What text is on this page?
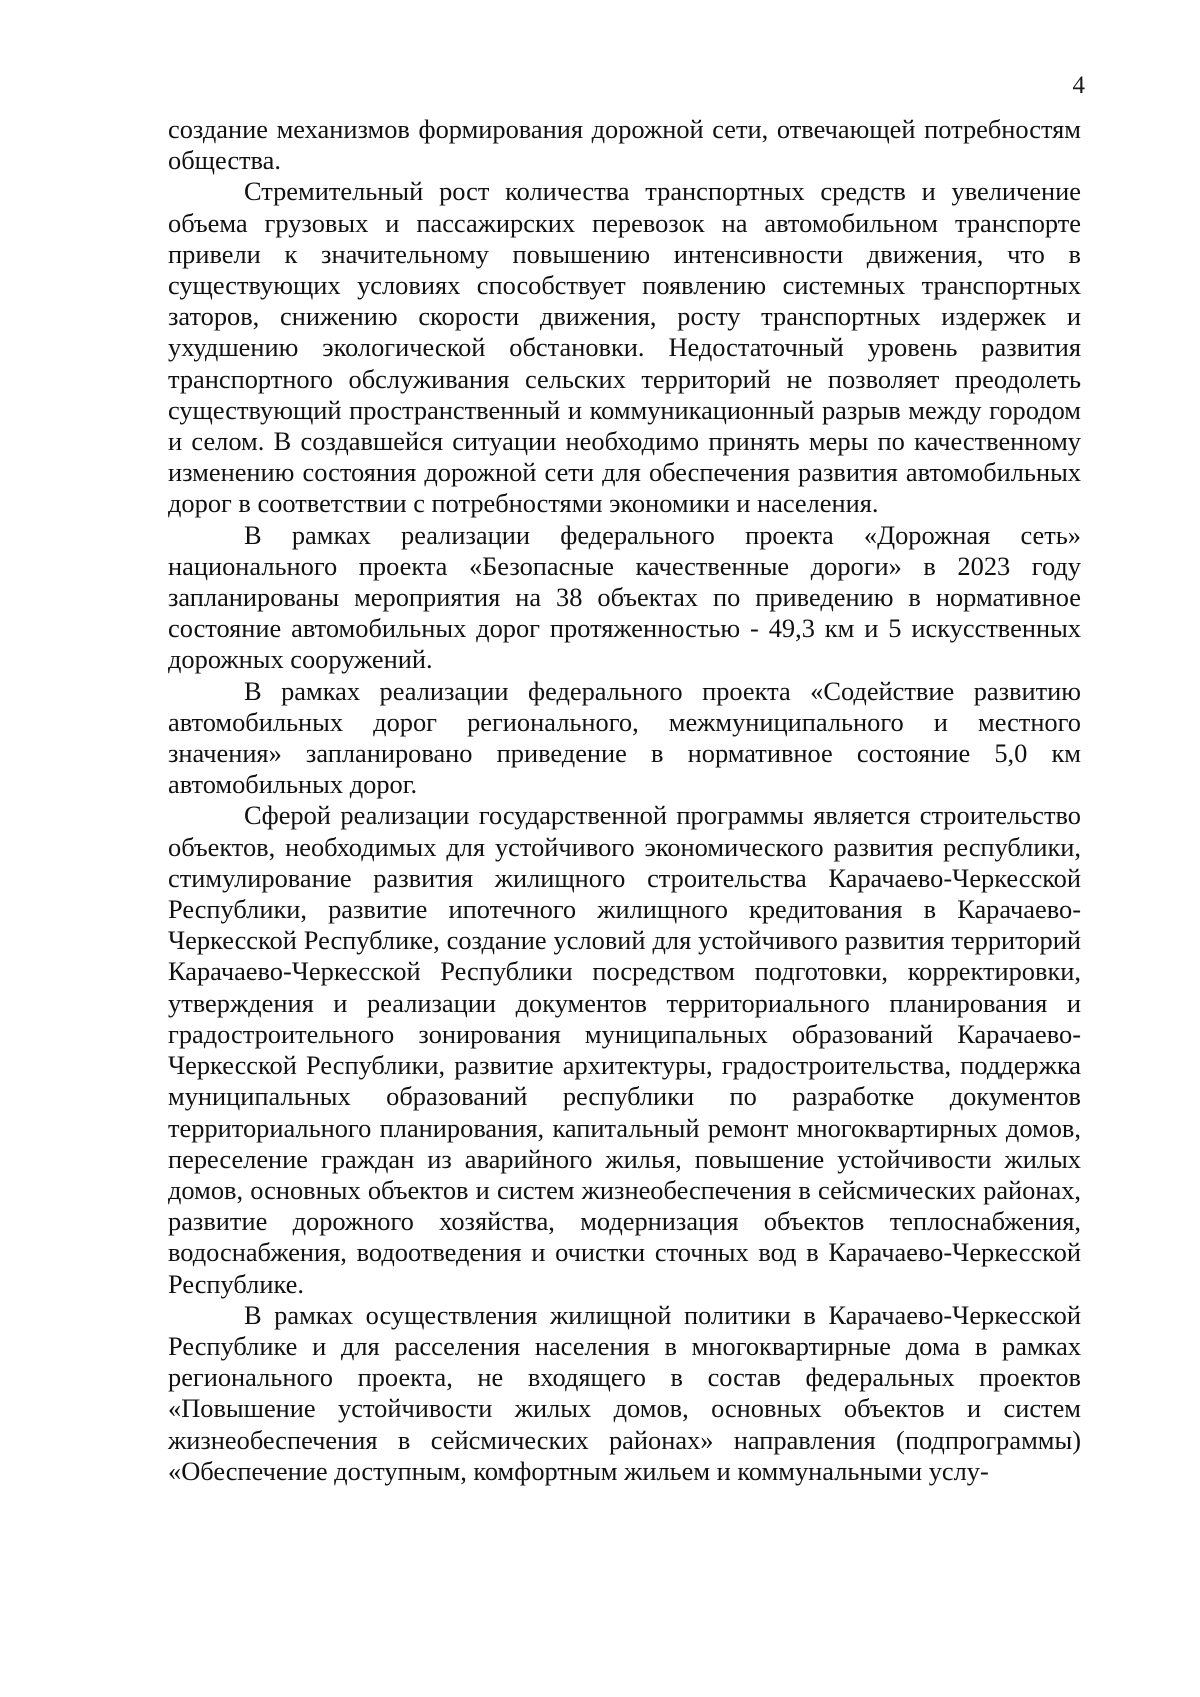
4

создание механизмов формирования дорожной сети, отвечающей потребностям общества.

Стремительный рост количества транспортных средств и увеличение объема грузовых и пассажирских перевозок на автомобильном транспорте привели к значительному повышению интенсивности движения, что в существующих условиях способствует появлению системных транспортных заторов, снижению скорости движения, росту транспортных издержек и ухудшению экологической обстановки. Недостаточный уровень развития транспортного обслуживания сельских территорий не позволяет преодолеть существующий пространственный и коммуникационный разрыв между городом и селом. В создавшейся ситуации необходимо принять меры по качественному изменению состояния дорожной сети для обеспечения развития автомобильных дорог в соответствии с потребностями экономики и населения.

В рамках реализации федерального проекта «Дорожная сеть» национального проекта «Безопасные качественные дороги» в 2023 году запланированы мероприятия на 38 объектах по приведению в нормативное состояние автомобильных дорог протяженностью - 49,3 км и 5 искусственных дорожных сооружений.

В рамках реализации федерального проекта «Содействие развитию автомобильных дорог регионального, межмуниципального и местного значения» запланировано приведение в нормативное состояние 5,0 км автомобильных дорог.

Сферой реализации государственной программы является строительство объектов, необходимых для устойчивого экономического развития республики, стимулирование развития жилищного строительства Карачаево-Черкесской Республики, развитие ипотечного жилищного кредитования в Карачаево-Черкесской Республике, создание условий для устойчивого развития территорий Карачаево-Черкесской Республики посредством подготовки, корректировки, утверждения и реализации документов территориального планирования и градостроительного зонирования муниципальных образований Карачаево-Черкесской Республики, развитие архитектуры, градостроительства, поддержка муниципальных образований республики по разработке документов территориального планирования, капитальный ремонт многоквартирных домов, переселение граждан из аварийного жилья, повышение устойчивости жилых домов, основных объектов и систем жизнеобеспечения в сейсмических районах, развитие дорожного хозяйства, модернизация объектов теплоснабжения, водоснабжения, водоотведения и очистки сточных вод в Карачаево-Черкесской Республике.

В рамках осуществления жилищной политики в Карачаево-Черкесской Республике и для расселения населения в многоквартирные дома в рамках регионального проекта, не входящего в состав федеральных проектов «Повышение устойчивости жилых домов, основных объектов и систем жизнеобеспечения в сейсмических районах» направления (подпрограммы) «Обеспечение доступным, комфортным жильем и коммунальными услу-
